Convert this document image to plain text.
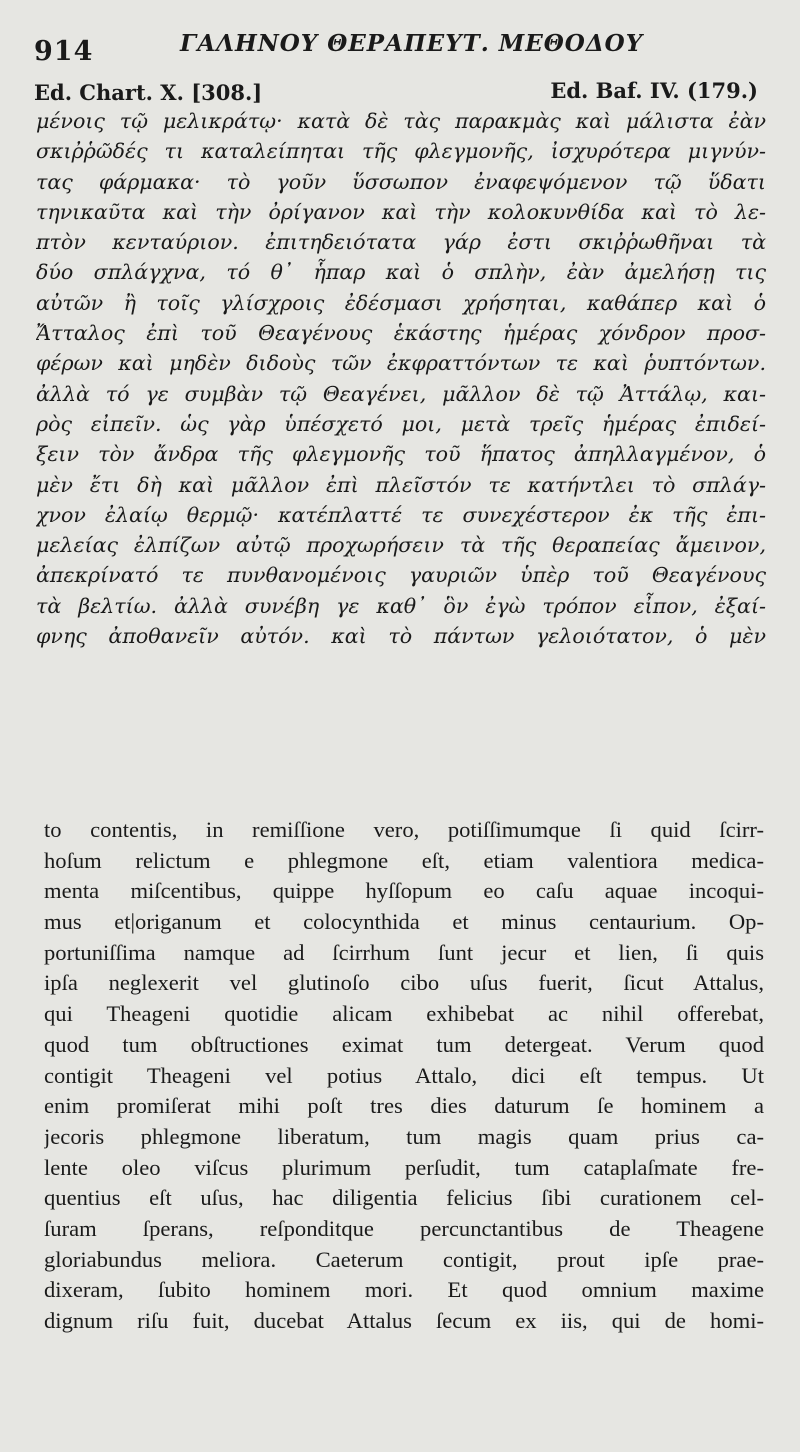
914	ΓΑΛΗΝΟΥ ΘΕΡΑΠΕΥΤ. ΜΕΘΟΔΟΥ
Ed. Chart. X. [308.]	Ed. Baf. IV. (179.)
μένοις τῷ μελικράτῳ· κατὰ δὲ τὰς παρακμὰς καὶ μάλιστα ἐὰν
σκιῤῥῶδές τι καταλείπηται τῆς φλεγμονῆς, ἰσχυρότερα μιγνύν-
τας φάρμακα· τὸ γοῦν ὕσσωπον ἐναφεψόμενον τῷ ὕδατι
τηνικαῦτα καὶ τὴν ὀρίγανον καὶ τὴν κολοκυνθίδα καὶ τὸ λε-
πτὸν κενταύριον. ἐπιτηδειότατα γάρ ἐστι σκιῤῥωθῆναι τὰ
δύο σπλάγχνα, τό θ᾽ ἧπαρ καὶ ὁ σπλὴν, ἐὰν ἀμελήσῃ τις
αὐτῶν ἢ τοῖς γλίσχροις ἐδέσμασι χρήσηται, καθάπερ καὶ ὁ
Ἄτταλος ἐπὶ τοῦ Θεαγένους ἑκάστης ἡμέρας χόνδρον προσ-
φέρων καὶ μηδὲν διδοὺς τῶν ἐκφραττόντων τε καὶ ῥυπτόντων.
ἀλλὰ τό γε συμβὰν τῷ Θεαγένει, μᾶλλον δὲ τῷ Ἀττάλῳ, και-
ρὸς εἰπεῖν. ὡς γὰρ ὑπέσχετό μοι, μετὰ τρεῖς ἡμέρας ἐπιδεί-
ξειν τὸν ἄνδρα τῆς φλεγμονῆς τοῦ ἥπατος ἀπηλλαγμένον, ὁ
μὲν ἔτι δὴ καὶ μᾶλλον ἐπὶ πλεῖστόν τε κατήντλει τὸ σπλάγ-
χνον ἐλαίῳ θερμῷ· κατέπλαττέ τε συνεχέστερον ἐκ τῆς ἐπι-
μελείας ἐλπίζων αὐτῷ προχωρήσειν τὰ τῆς θεραπείας ἄμεινον,
ἀπεκρίνατό τε πυνθανομένοις γαυριῶν ὑπὲρ τοῦ Θεαγένους
τὰ βελτίω. ἀλλὰ συνέβη γε καθ᾽ ὃν ἐγὼ τρόπον εἶπον, ἐξαί-
φνης ἀποθανεῖν αὐτόν. καὶ τὸ πάντων γελοιότατον, ὁ μὲν
to contentis, in remiſſione vero, potiſſimumque ſi quid ſcirr-
hoſum relictum e phlegmone eſt, etiam valentiora medica-
menta miſcentibus, quippe hyſſopum eo caſu aquae incoqui-
mus et|origanum et colocynthida et minus centaurium. Op-
portuniſſima namque ad ſcirrhum ſunt jecur et lien, ſi quis
ipſa neglexerit vel glutinoſo cibo uſus fuerit, ſicut Attalus,
qui Theageni quotidie alicam exhibebat ac nihil offerebat,
quod tum obſtructiones eximat tum detergeat. Verum quod
contigit Theageni vel potius Attalo, dici eſt tempus. Ut
enim promiſerat mihi poſt tres dies daturum ſe hominem a
jecoris phlegmone liberatum, tum magis quam prius ca-
lente oleo viſcus plurimum perſudit, tum cataplaſmate fre-
quentius eſt uſus, hac diligentia felicius ſibi curationem cel-
ſuram ſperans, reſponditque percunctantibus de Theagene
gloriabundus meliora. Caeterum contigit, prout ipſe prae-
dixeram, ſubito hominem mori. Et quod omnium maxime
dignum riſu fuit, ducebat Attalus ſecum ex iis, qui de homi-
